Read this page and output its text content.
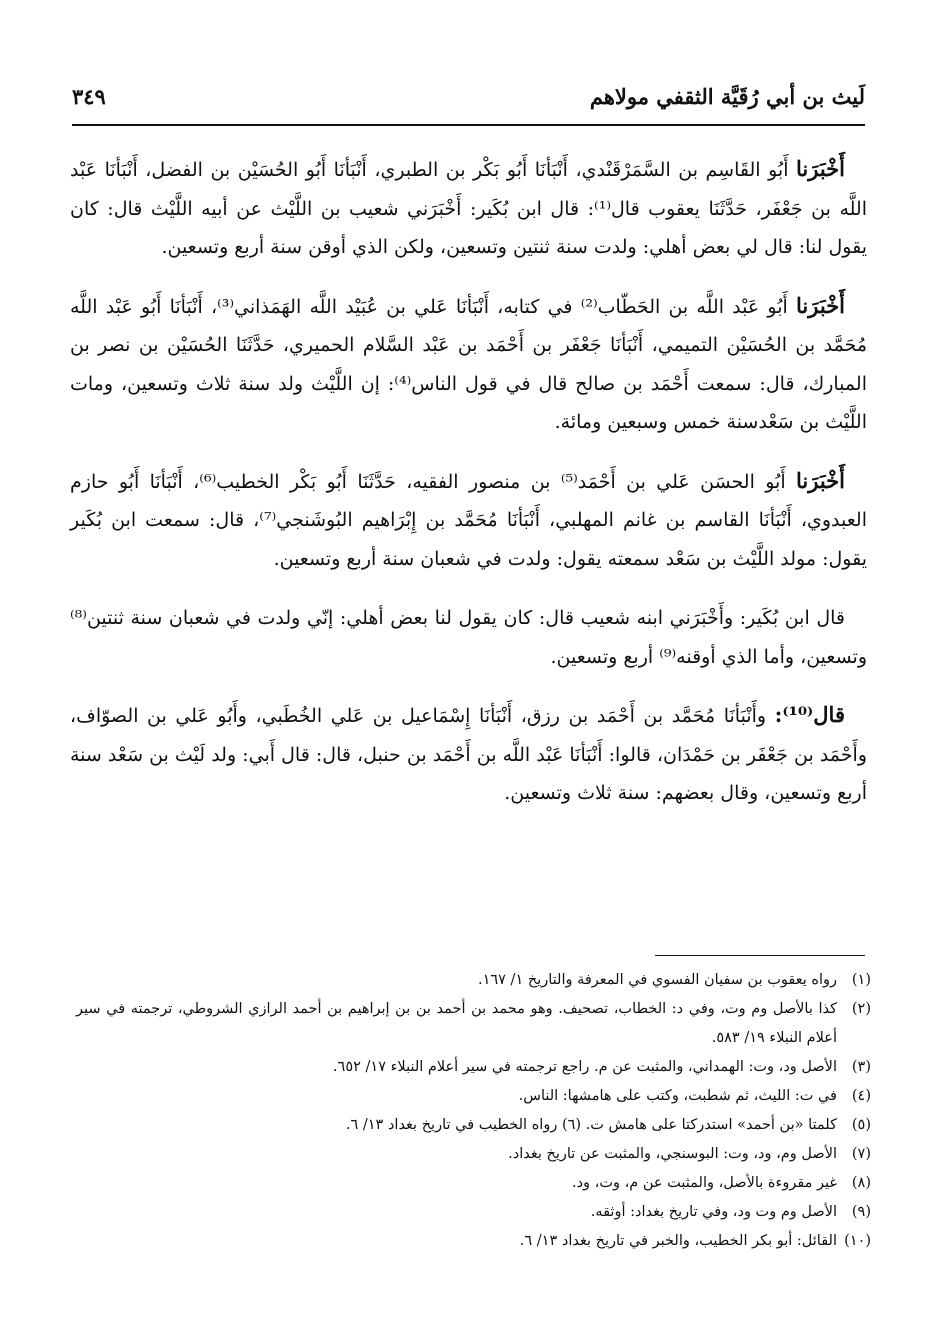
لَيث بن أبي رُقَيَّة الثقفي مولاهم
٣٤٩

أَخْبَرَنا أَبُو القَاسِم بن السَّمَرْقَنْدي، أَنْبَأنَا أَبُو بَكْر بن الطبري، أَنْبَأنَا أَبُو الحُسَيْن بن الفضل، أَنْبَأنَا عَبْد اللَّه بن جَعْفَر، حَدَّثَنَا يعقوب قال⁽¹⁾: قال ابن بُكَير: أَخْبَرَني شعيب بن اللَّيْث عن أبيه اللَّيْث قال: كان يقول لنا: قال لي بعض أهلي: ولدت سنة ثنتين وتسعين، ولكن الذي أوقن سنة أربع وتسعين.

أَخْبَرَنا أَبُو عَبْد اللَّه بن الحَطّاب⁽²⁾ في كتابه، أَنْبَأنَا عَلي بن عُبَيْد اللَّه الهَمَذاني⁽³⁾، أَنْبَأنَا أَبُو عَبْد اللَّه مُحَمَّد بن الحُسَيْن التميمي، أَنْبَأنَا جَعْفَر بن أَحْمَد بن عَبْد السَّلام الحميري، حَدَّثَنَا الحُسَيْن بن نصر بن المبارك، قال: سمعت أَحْمَد بن صالح قال في قول الناس⁽⁴⁾: إن اللَّيْث ولد سنة ثلاث وتسعين، ومات اللَّيْث بن سَعْدسنة خمس وسبعين ومائة.

أَخْبَرَنا أَبُو الحسَن عَلي بن أَحْمَد⁽⁵⁾ بن منصور الفقيه، حَدَّثَنَا أَبُو بَكْر الخطيب⁽⁶⁾، أَنْبَأنَا أَبُو حازم العبدوي، أَنْبَأنَا القاسم بن غانم المهلبي، أَنْبَأنَا مُحَمَّد بن إِبْرَاهيم البُوشَنجي⁽⁷⁾، قال: سمعت ابن بُكَير يقول: مولد اللَّيْث بن سَعْد سمعته يقول: ولدت في شعبان سنة أربع وتسعين.

قال ابن بُكَير: وأَخْبَرَني ابنه شعيب قال: كان يقول لنا بعض أهلي: إنّي ولدت في شعبان سنة ثنتين⁽⁸⁾ وتسعين، وأما الذي أوقنه⁽⁹⁾ أربع وتسعين.

قال⁽¹⁰⁾: وأَنْبَأنَا مُحَمَّد بن أَحْمَد بن رزق، أَنْبَأنَا إِسْمَاعيل بن عَلي الخُطَبي، وأَبُو عَلي بن الصوّاف، وأَحْمَد بن جَعْفَر بن حَمْدَان، قالوا: أَنْبَأنَا عَبْد اللَّه بن أَحْمَد بن حنبل، قال: قال أَبي: ولد لَيْث بن سَعْد سنة أربع وتسعين، وقال بعضهم: سنة ثلاث وتسعين.

(١)
رواه يعقوب بن سفيان الفسوي في المعرفة والتاريخ ١/ ١٦٧.
(٢)
كذا بالأصل وم وت، وفي د: الخطاب، تصحيف. وهو محمد بن أحمد بن بن إبراهيم بن أحمد الرازي الشروطي، ترجمته في سير أعلام النبلاء ١٩/ ٥٨٣.
(٣)
الأصل ود، وت: الهمداني، والمثبت عن م. راجع ترجمته في سير أعلام النبلاء ١٧/ ٦٥٢.
(٤)
في ت: الليث، ثم شطبت، وكتب على هامشها: الناس.
(٥)
كلمتا «بن أحمد» استدركتا على هامش ت. (٦) رواه الخطيب في تاريخ بغداد ١٣/ ٦.
(٧)
الأصل وم، ود، وت: البوسنجي، والمثبت عن تاريخ بغداد.
(٨)
غير مقروءة بالأصل، والمثبت عن م، وت، ود.
(٩)
الأصل وم وت ود، وفي تاريخ بغداد: أوثقه.
(١٠)
القائل: أبو بكر الخطيب، والخبر في تاريخ بغداد ١٣/ ٦.
